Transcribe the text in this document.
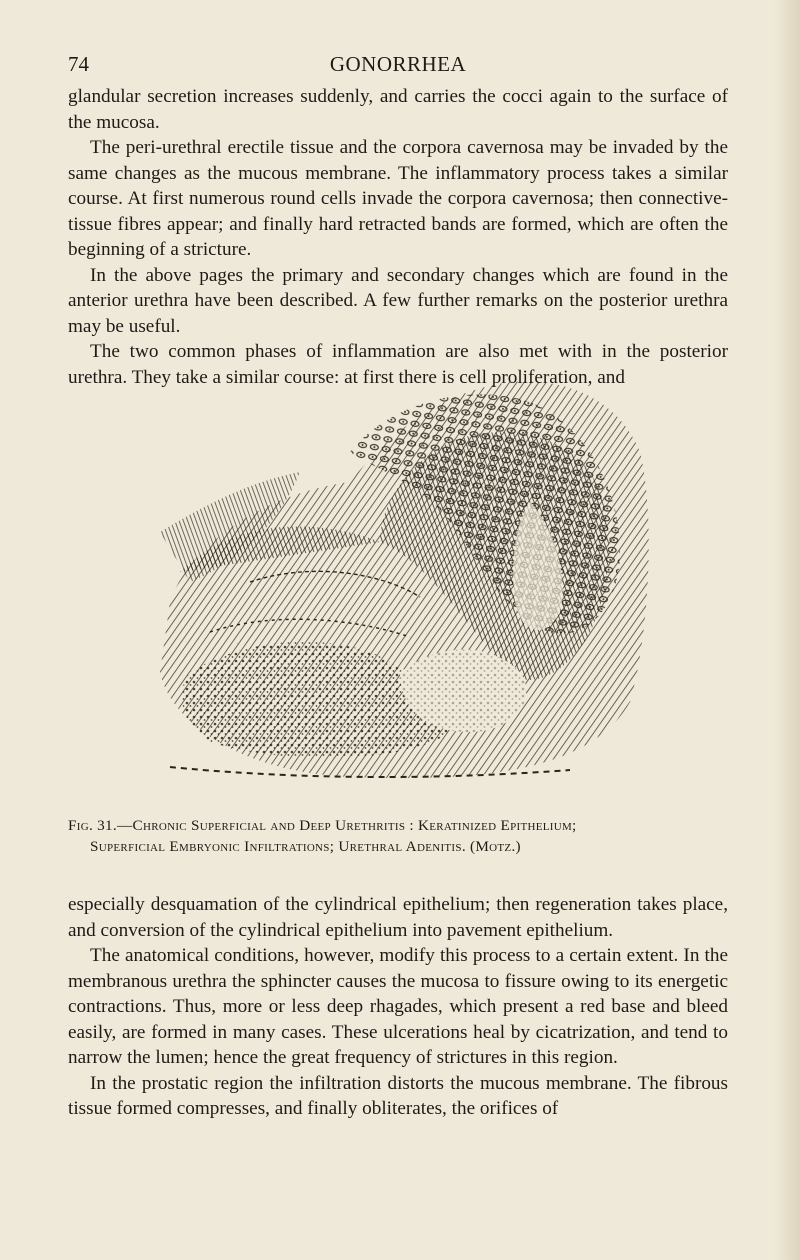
74	GONORRHEA

glandular secretion increases suddenly, and carries the cocci again to the surface of the mucosa.

The peri-urethral erectile tissue and the corpora cavernosa may be invaded by the same changes as the mucous membrane. The inflammatory process takes a similar course. At first numerous round cells invade the corpora cavernosa; then connective-tissue fibres appear; and finally hard retracted bands are formed, which are often the beginning of a stricture.

In the above pages the primary and secondary changes which are found in the anterior urethra have been described. A few further remarks on the posterior urethra may be useful.

The two common phases of inflammation are also met with in the posterior urethra. They take a similar course: at first there is cell proliferation, and

Fig. 31.—Chronic Superficial and Deep Urethritis : Keratinized Epithelium;
Superficial Embryonic Infiltrations; Urethral Adenitis. (Motz.)

especially desquamation of the cylindrical epithelium; then regeneration takes place, and conversion of the cylindrical epithelium into pavement epithelium.

The anatomical conditions, however, modify this process to a certain extent. In the membranous urethra the sphincter causes the mucosa to fissure owing to its energetic contractions. Thus, more or less deep rhagades, which present a red base and bleed easily, are formed in many cases. These ulcerations heal by cicatrization, and tend to narrow the lumen; hence the great frequency of strictures in this region.

In the prostatic region the infiltration distorts the mucous membrane. The fibrous tissue formed compresses, and finally obliterates, the orifices of
